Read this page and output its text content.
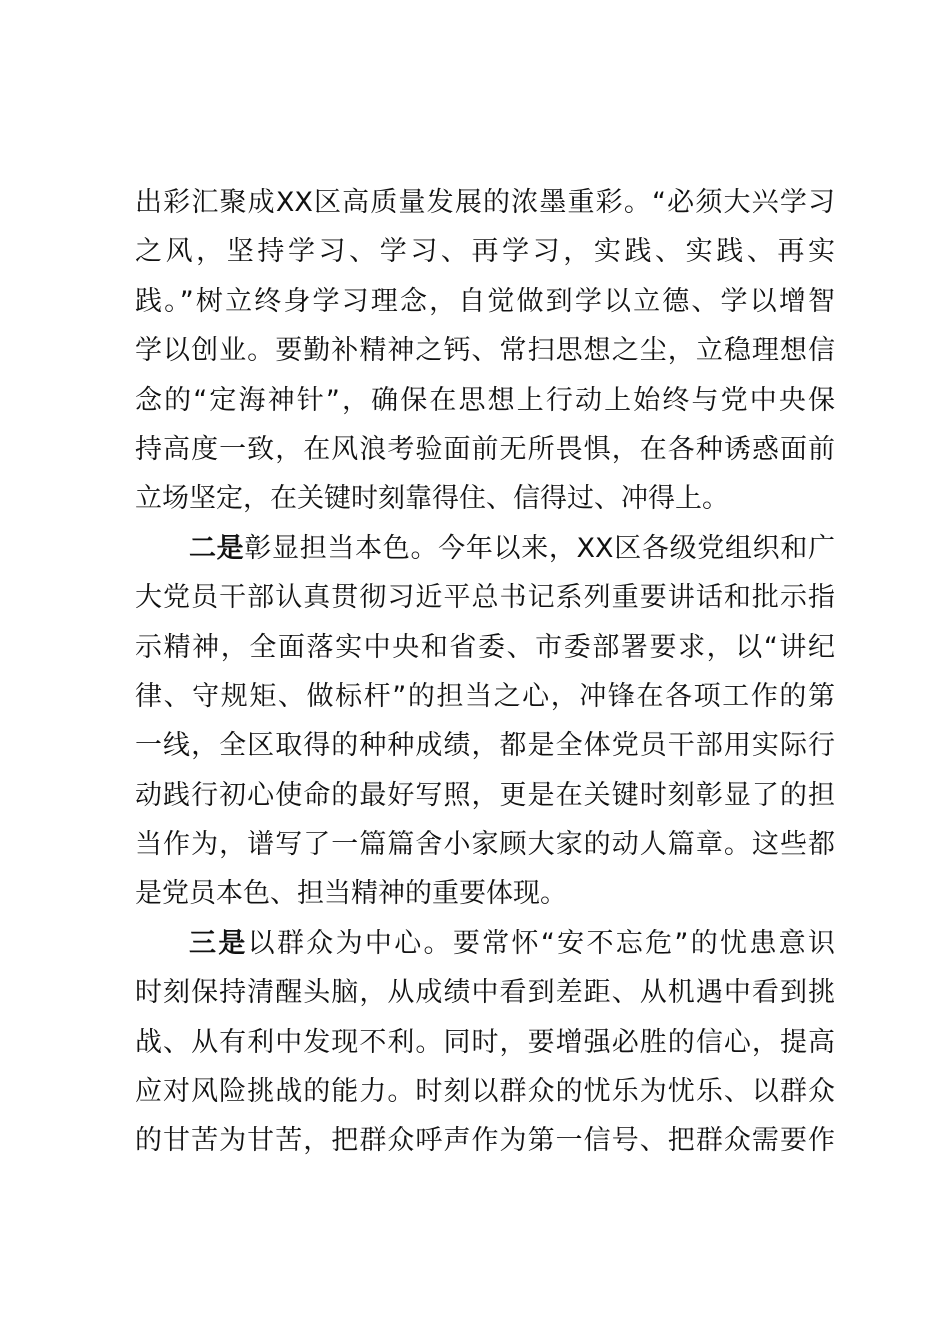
出彩汇聚成XX区高质量发展的浓墨重彩。“必须大兴学习
之风，坚持学习、学习、再学习，实践、实践、再实
践。”树立终身学习理念，自觉做到学以立德、学以增智
学以创业。要勤补精神之钙、常扫思想之尘，立稳理想信
念的“定海神针”，确保在思想上行动上始终与党中央保
持高度一致，在风浪考验面前无所畏惧，在各种诱惑面前
立场坚定，在关键时刻靠得住、信得过、冲得上。
二是彰显担当本色。今年以来，XX区各级党组织和广
大党员干部认真贯彻习近平总书记系列重要讲话和批示指
示精神，全面落实中央和省委、市委部署要求，以“讲纪
律、守规矩、做标杆”的担当之心，冲锋在各项工作的第
一线，全区取得的种种成绩，都是全体党员干部用实际行
动践行初心使命的最好写照，更是在关键时刻彰显了的担
当作为，谱写了一篇篇舍小家顾大家的动人篇章。这些都
是党员本色、担当精神的重要体现。
三是以群众为中心。要常怀“安不忘危”的忧患意识
时刻保持清醒头脑，从成绩中看到差距、从机遇中看到挑
战、从有利中发现不利。同时，要增强必胜的信心，提高
应对风险挑战的能力。时刻以群众的忧乐为忧乐、以群众
的甘苦为甘苦，把群众呼声作为第一信号、把群众需要作
